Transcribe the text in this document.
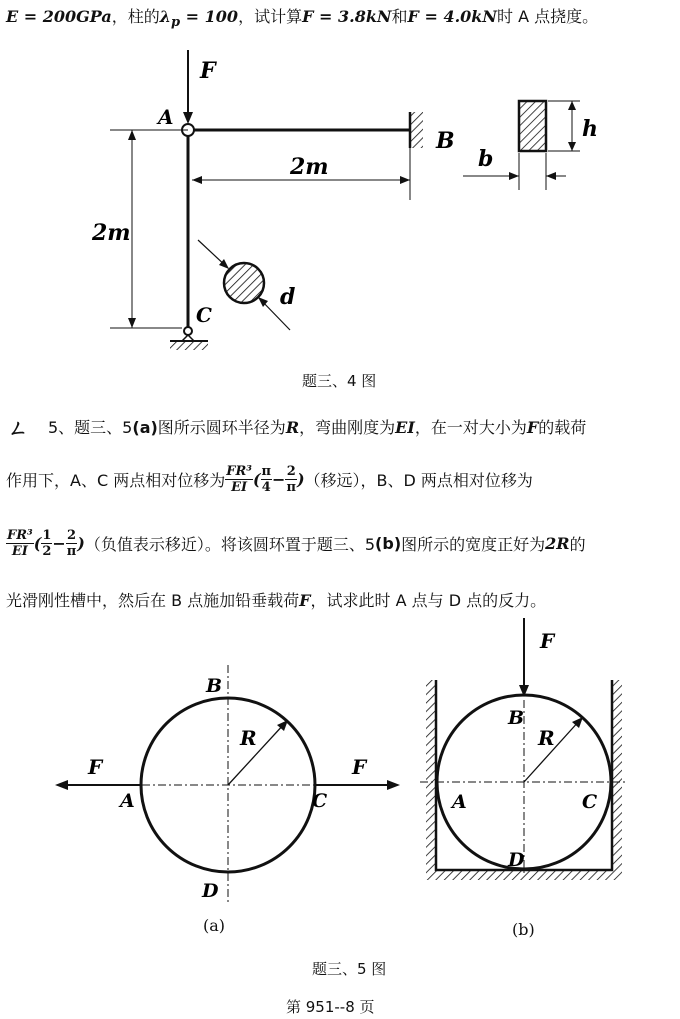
E = 200GPa，柱的$\lambda_p = 100$，试计算F = 3.8kN和F = 4.0kN时 A 点挠度。
F
B
A
C
2m
2m
d
h
b
题三、4 图
ㄥ 5、题三、5(a)图所示圆环半径为R，弯曲刚度为EI，在一对大小为F的载荷
作用下，A、C 两点相对位移为 $\frac{\text{FR³}}{EI}$ ( $\frac{\pi}{4} - \frac{2}{\pi}$ ) （移远），B、D 两点相对位移为
$\frac{\text{FR³}}{EI}$ ( $\frac{1}{2} - \frac{2}{\pi}$ ) （负值表示移近）。将该圆环置于题三、5 (b) 图所示的宽度正好为 2R 的
光滑刚性槽中，然后在 B 点施加铅垂载荷F，试求此时 A 点与 D 点的反力。
R
F	F
A	C
B
D
F
R
B
A	C
D
(a)	(b)
题三、5 图
第 951--8 页
